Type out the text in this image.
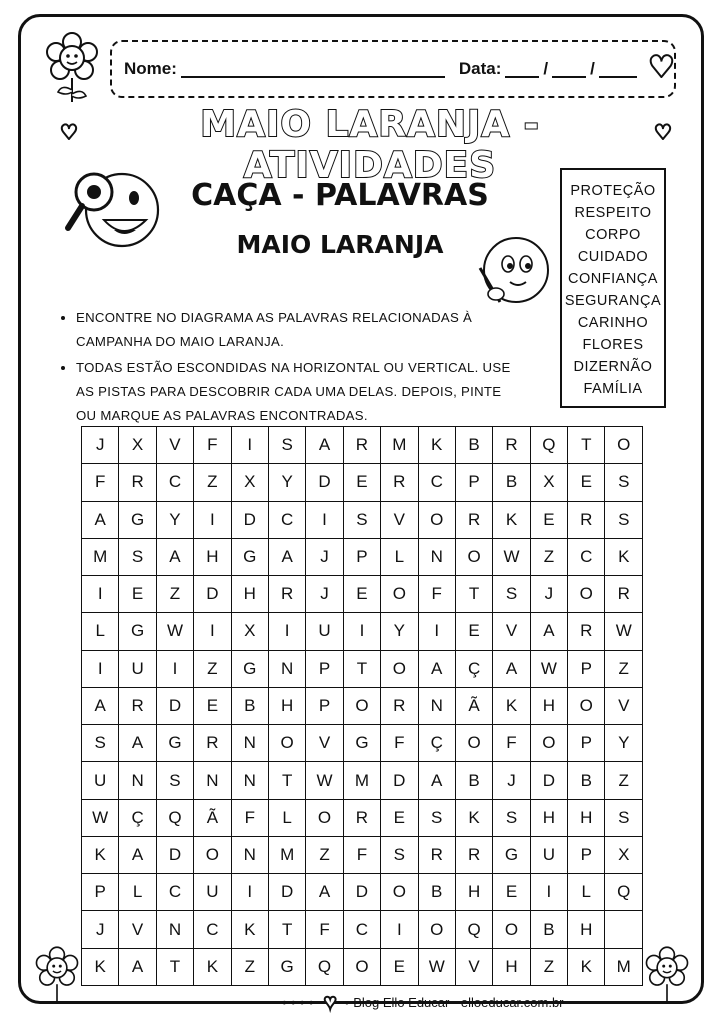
Nome:	Data: / / ♥
♥	MAIO LARANJA - ATIVIDADES
♥
CAÇA - PALAVRAS
MAIO LARANJA
PROTEÇÃO
RESPEITO
CORPO
CUIDADO
CONFIANÇA
SEGURANÇA
CARINHO
FLORES
DIZERNÃO
FAMÍLIA
• ENCONTRE NO DIAGRAMA AS PALAVRAS RELACIONADAS À CAMPANHA DO MAIO LARANJA.
• TODAS ESTÃO ESCONDIDAS NA HORIZONTAL OU VERTICAL. USE AS PISTAS PARA DESCOBRIR CADA UMA DELAS. DEPOIS, PINTE OU MARQUE AS PALAVRAS ENCONTRADAS.
J	X	V	F	I	S	A	R	M	K	B	R	Q	T	O
F	R	C	Z	X	Y	D	E	R	C	P	B	X	E	S
A	G	Y	I	D	C	I	S	V	O	R	K	E	R	S
M	S	A	H	G	A	J	P	L	N	O	W	Z	C	K
I	E	Z	D	H	R	J	E	O	F	T	S	J	O	R
L	G	W	I	X	I	U	I	Y	I	E	V	A	R	W
I	U	I	Z	G	N	P	T	O	A	Ç	A	W	P	Z
A	R	D	E	B	H	P	O	R	N	Ã	K	H	O	V
S	A	G	R	N	O	V	G	F	Ç	O	F	O	P	Y
U	N	S	N	N	T	W	M	D	A	B	J	D	B	Z
W	Ç	Q	Ã	F	L	O	R	E	S	K	S	H	H	S
K	A	D	O	N	M	Z	F	S	R	R	G	U	P	X
P	L	C	U	I	D	A	D	O	B	H	E	I	L	Q
J	V	N	C	K	T	F	C	I	O	Q	O	B	H	
K	A	T	K	Z	G	Q	O	E	W	V	H	Z	K	M
•••• ♥ • Blog Ello Educar - elloeducar.com.br
